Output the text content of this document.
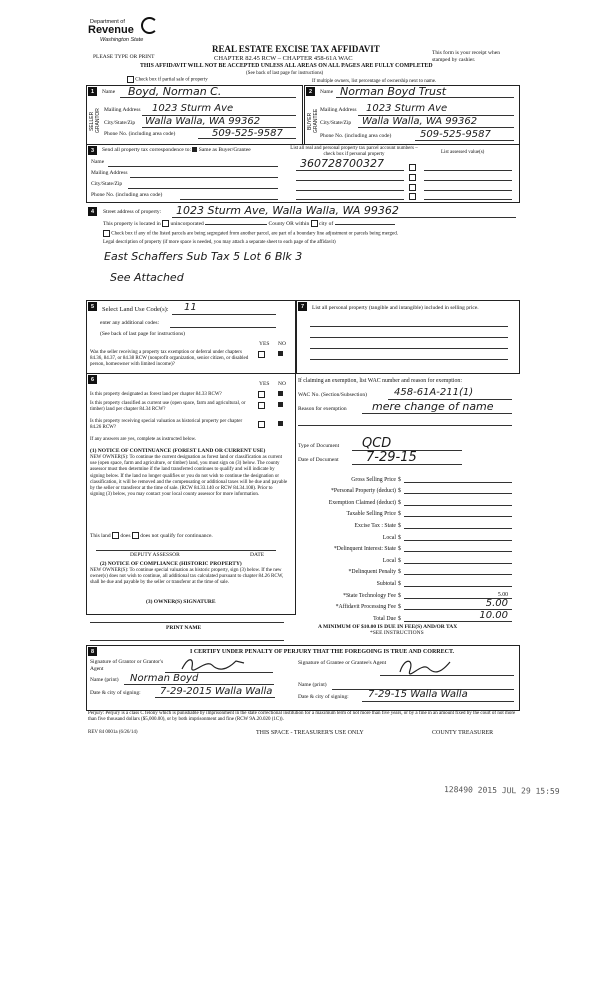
Department of
Revenue
Washington State
PLEASE TYPE OR PRINT
REAL ESTATE EXCISE TAX AFFIDAVIT
CHAPTER 82.45 RCW – CHAPTER 458-61A WAC
THIS AFFIDAVIT WILL NOT BE ACCEPTED UNLESS ALL AREAS ON ALL PAGES ARE FULLY COMPLETED
(See back of last page for instructions)
This form is your receipt when stamped by cashier.
Check box if partial sale of property	If multiple owners, list percentage of ownership next to name.
1
SELLER GRANTOR
Name Boyd, Norman C.
Mailing Address 1023 Sturm Ave
City/State/Zip Walla Walla, WA 99362
Phone No. (including area code)	509-525-9587
2
BUYER GRANTEE
Name Norman Boyd Trust
Mailing Address 1023 Sturm Ave
City/State/Zip Walla Walla, WA 99362
Phone No. (including area code)	509-525-9587
3	Send all property tax correspondence to: Same as Buyer/Grantee
Name
Mailing Address
City/State/Zip
Phone No. (including area code)
List all real and personal property tax parcel account numbers – check box if personal property	List assessed value(s)
360728700327
4	Street address of property: 1023 Sturm Ave, Walla Walla, WA 99362
This property is located in unincorporated	County OR within city of
Check box if any of the listed parcels are being segregated from another parcel, are part of a boundary line adjustment or parcels being merged.
Legal description of property (if more space is needed, you may attach a separate sheet to each page of the affidavit)
East Schaffers Sub Tax 5 Lot 6 Blk 3
See Attached
5	Select Land Use Code(s): 11
enter any additional codes:
(See back of last page for instructions)
YES NO
Was the seller receiving a property tax exemption or deferral under chapters 84.36, 84.37, or 84.38 RCW (nonprofit organization, senior citizen, or disabled person, homeowner with limited income)?
7	List all personal property (tangible and intangible) included in selling price.
6
YES NO
Is this property designated as forest land per chapter 84.33 RCW?
Is this property classified as current use (open space, farm and agricultural, or timber) land per chapter 84.34 RCW?
Is this property receiving special valuation as historical property per chapter 84.26 RCW?
If any answers are yes, complete as instructed below.
(1) NOTICE OF CONTINUANCE (FOREST LAND OR CURRENT USE)
NEW OWNER(S): To continue the current designation as forest land or classification as current use (open space, farm and agriculture, or timber) land, you must sign on (3) below. The county assessor must then determine if the land transferred continues to qualify and will indicate by signing below. If the land no longer qualifies or you do not wish to continue the designation or classification, it will be removed and the compensating or additional taxes will be due and payable by the seller or transferor at the time of sale. (RCW 84.33.140 or RCW 84.34.108). Prior to signing (3) below, you may contact your local county assessor for more information.
This land does does not qualify for continuance.
DEPUTY ASSESSOR	DATE
(2) NOTICE OF COMPLIANCE (HISTORIC PROPERTY)
NEW OWNER(S): To continue special valuation as historic property, sign (3) below. If the new owner(s) does not wish to continue, all additional tax calculated pursuant to chapter 84.26 RCW, shall be due and payable by the seller or transferor at the time of sale.
(3) OWNER(S) SIGNATURE
PRINT NAME
If claiming an exemption, list WAC number and reason for exemption:
WAC No. (Section/Subsection)	458-61A-211(1)
Reason for exemption mere change of name
Type of Document QCD
Date of Document 7-29-15
Gross Selling Price $
*Personal Property (deduct) $
Exemption Claimed (deduct) $
Taxable Selling Price $
Excise Tax : State $
Local $
*Delinquent Interest: State $
Local $
*Delinquent Penalty $
Subtotal $
*State Technology Fee $	5.00
*Affidavit Processing Fee $	5.00
Total Due $	10.00
A MINIMUM OF $10.00 IS DUE IN FEE(S) AND/OR TAX
*SEE INSTRUCTIONS
8	I CERTIFY UNDER PENALTY OF PERJURY THAT THE FOREGOING IS TRUE AND CORRECT.
Signature of Grantor or Grantor's Agent
Name (print) Norman Boyd
Date & city of signing: 7-29-2015 Walla Walla
Signature of Grantee or Grantee's Agent
Name (print)
Date & city of signing: 7-29-15 Walla Walla
Perjury: Perjury is a class C felony which is punishable by imprisonment in the state correctional institution for a maximum term of not more than five years, or by a fine in an amount fixed by the court of not more than five thousand dollars ($5,000.00), or by both imprisonment and fine (RCW 9A.20.020 (1C)).
REV 84 0001a (6/26/14)	THIS SPACE - TREASURER'S USE ONLY	COUNTY TREASURER
128490 2015 JUL 29 15:59
